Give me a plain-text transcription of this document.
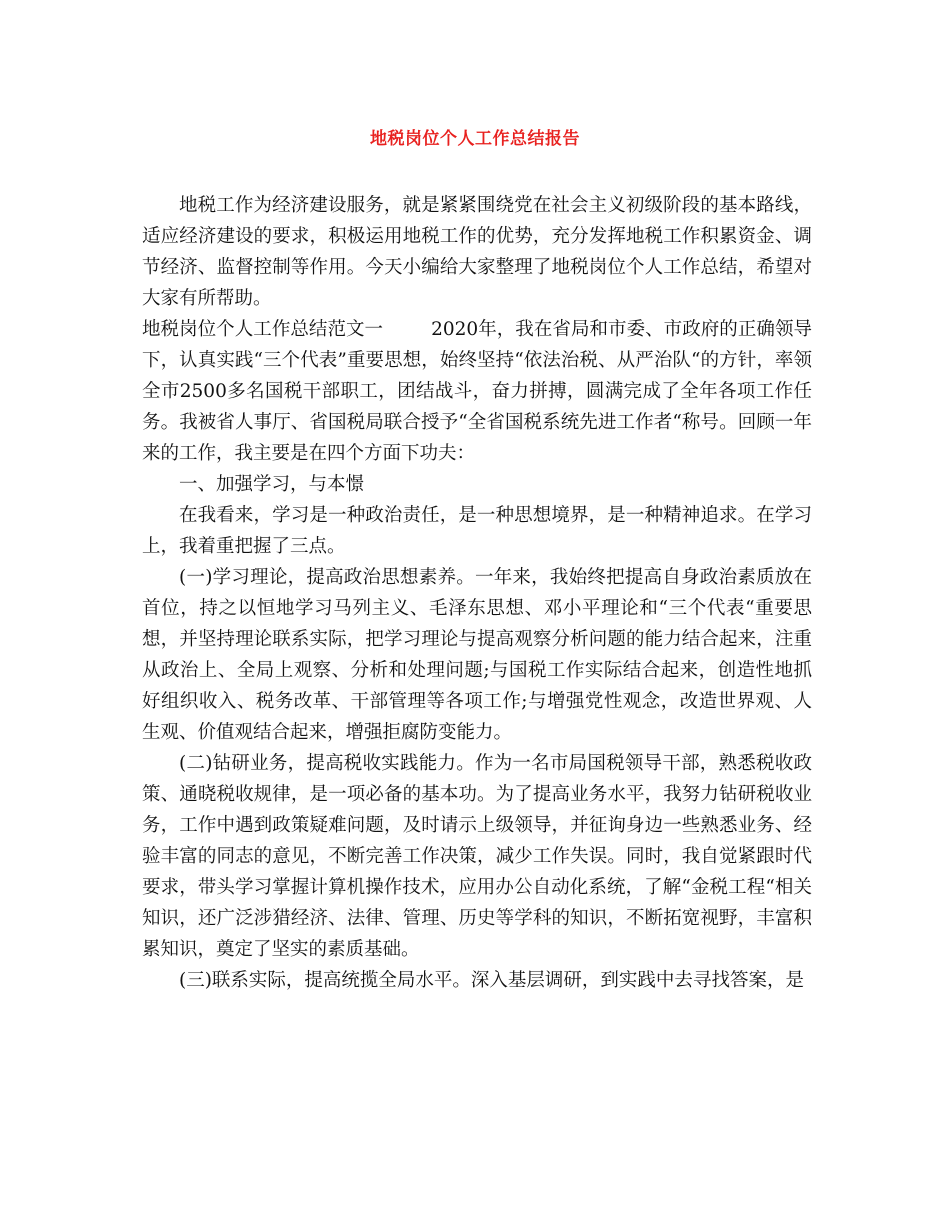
地税岗位个人工作总结报告

地税工作为经济建设服务，就是紧紧围绕党在社会主义初级阶段的基本路线，适应经济建设的要求，积极运用地税工作的优势，充分发挥地税工作积累资金、调节经济、监督控制等作用。今天小编给大家整理了地税岗位个人工作总结，希望对大家有所帮助。

地税岗位个人工作总结范文一	2020年，我在省局和市委、市政府的正确领导下，认真实践“三个代表”重要思想，始终坚持“依法治税、从严治队“的方针，率领全市2500多名国税干部职工，团结战斗，奋力拼搏，圆满完成了全年各项工作任务。我被省人事厅、省国税局联合授予“全省国税系统先进工作者“称号。回顾一年来的工作，我主要是在四个方面下功夫：

一、加强学习，与本憬

在我看来，学习是一种政治责任，是一种思想境界，是一种精神追求。在学习上，我着重把握了三点。

(一)学习理论，提高政治思想素养。一年来，我始终把提高自身政治素质放在首位，持之以恒地学习马列主义、毛泽东思想、邓小平理论和“三个代表“重要思想，并坚持理论联系实际，把学习理论与提高观察分析问题的能力结合起来，注重从政治上、全局上观察、分析和处理问题;与国税工作实际结合起来，创造性地抓好组织收入、税务改革、干部管理等各项工作;与增强党性观念，改造世界观、人生观、价值观结合起来，增强拒腐防变能力。

(二)钻研业务，提高税收实践能力。作为一名市局国税领导干部，熟悉税收政策、通晓税收规律，是一项必备的基本功。为了提高业务水平，我努力钻研税收业务，工作中遇到政策疑难问题，及时请示上级领导，并征询身边一些熟悉业务、经验丰富的同志的意见，不断完善工作决策，减少工作失误。同时，我自觉紧跟时代要求，带头学习掌握计算机操作技术，应用办公自动化系统，了解“金税工程“相关知识，还广泛涉猎经济、法律、管理、历史等学科的知识，不断拓宽视野，丰富积累知识，奠定了坚实的素质基础。

(三)联系实际，提高统揽全局水平。深入基层调研，到实践中去寻找答案，是
